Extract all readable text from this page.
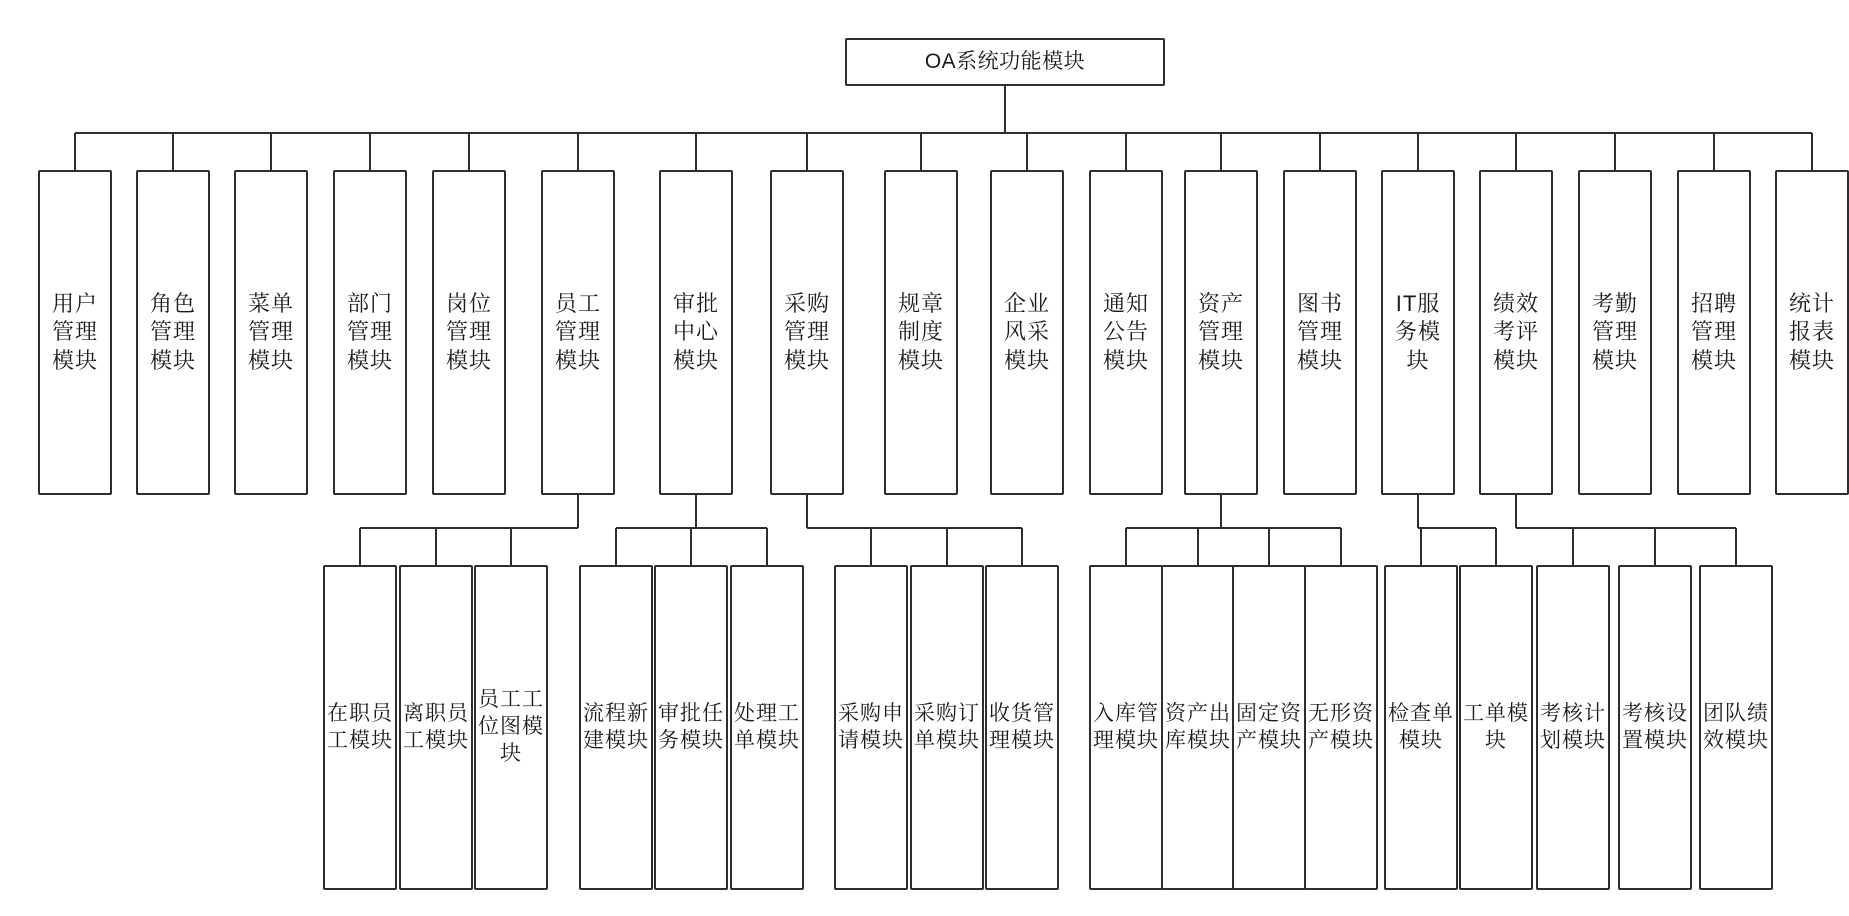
OA系统功能模块
用户管理模块
角色管理模块
菜单管理模块
部门管理模块
岗位管理模块
员工管理模块
审批中心模块
采购管理模块
规章制度模块
企业风采模块
通知公告模块
资产管理模块
图书管理模块
IT服务模块
绩效考评模块
考勤管理模块
招聘管理模块
统计报表模块
在职员工模块
离职员工模块
员工工位图模块
流程新建模块
审批任务模块
处理工单模块
采购申请模块
采购订单模块
收货管理模块
入库管理模块
资产出库模块
固定资产模块
无形资产模块
检查单模块
工单模块
考核计划模块
考核设置模块
团队绩效模块
